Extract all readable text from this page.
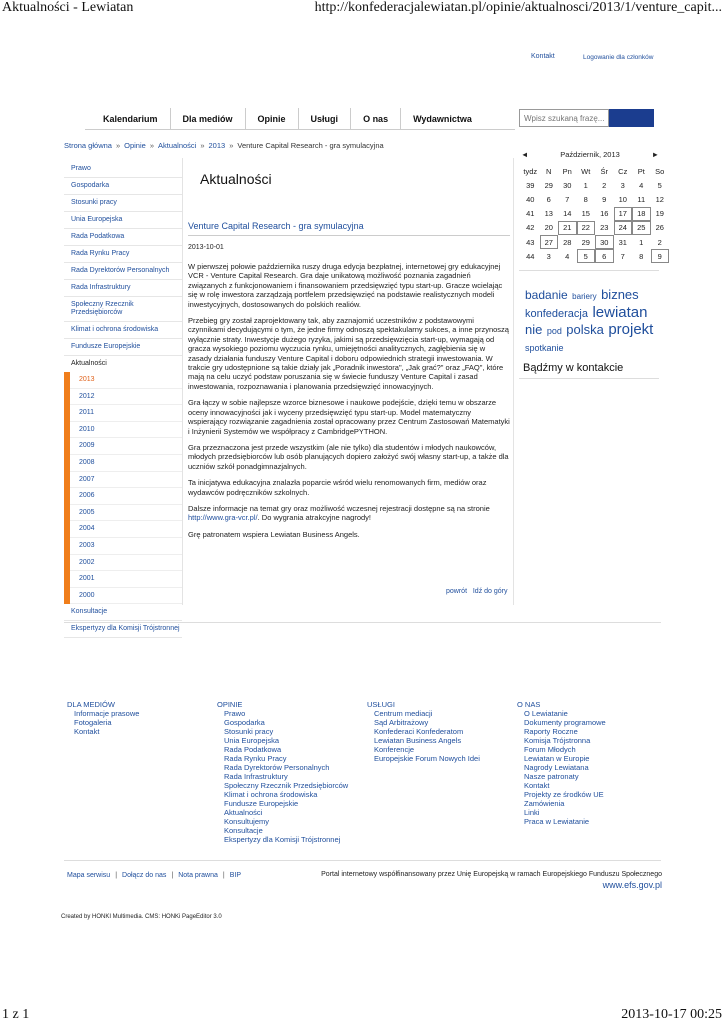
Aktualności - Lewiatan	http://konfederacjalewiatan.pl/opinie/aktualnosci/2013/1/venture_capit...
Kontakt	Logowanie dla członków
Kalendarium	Dla mediów	Opinie	Usługi	O nas	Wydawnictwa
Wpisz szukaną frazę...
Strona główna » Opinie » Aktualności » 2013 » Venture Capital Research - gra symulacyjna
Prawo
Gospodarka
Stosunki pracy
Unia Europejska
Rada Podatkowa
Rada Rynku Pracy
Rada Dyrektorów Personalnych
Rada Infrastruktury
Społeczny Rzecznik Przedsiębiorców
Klimat i ochrona środowiska
Fundusze Europejskie
Aktualności
2013
2012
2011
2010
2009
2008
2007
2006
2005
2004
2003
2002
2001
2000
Konsultacje
Ekspertyzy dla Komisji Trójstronnej
Aktualności
Venture Capital Research - gra symulacyjna
2013-10-01

W pierwszej połowie października ruszy druga edycja bezpłatnej, internetowej gry edukacyjnej VCR - Venture Capital Research. Gra daje unikatową możliwość poznania zagadnień związanych z funkcjonowaniem i finansowaniem przedsięwzięć typu start-up. Gracze wcielając się w rolę inwestora zarządzają portfelem przedsięwzięć na podstawie realistycznych modeli inwestycyjnych, dostosowanych do polskich realiów.

Przebieg gry został zaprojektowany tak, aby zaznajomić uczestników z podstawowymi czynnikami decydującymi o tym, że jedne firmy odnoszą spektakularny sukces, a inne przynoszą wyłącznie straty. Inwestycje dużego ryzyka, jakimi są przedsięwzięcia start-up, wymagają od gracza wysokiego poziomu wyczucia rynku, umiejętności analitycznych, zagłębienia się w zasady działania funduszy Venture Capital i doboru odpowiednich strategii inwestowania. W trakcie gry udostępnione są takie działy jak „Poradnik inwestora", „Jak grać?" oraz „FAQ", które mają na celu uczyć podstaw poruszania się w świecie funduszy Venture Capital i zasad inwestowania, rozpoznawania i planowania przedsięwzięć innowacyjnych.

Gra łączy w sobie najlepsze wzorce biznesowe i naukowe podejście, dzięki temu w obszarze oceny innowacyjności jak i wyceny przedsięwzięć typu start-up. Model matematyczny wspierający rozwiązanie zagadnienia został opracowany przez Centrum Zastosowań Matematyki i Inżynierii Systemów we współpracy z CambridgePYTHON.

Gra przeznaczona jest przede wszystkim (ale nie tylko) dla studentów i młodych naukowców, młodych przedsiębiorców lub osób planujących dopiero założyć swój własny start-up, a także dla uczniów szkół ponadgimnazjalnych.

Ta inicjatywa edukacyjna znalazła poparcie wśród wielu renomowanych firm, mediów oraz wydawców podręczników szkolnych.

Dalsze informacje na temat gry oraz możliwość wczesnej rejestracji dostępne są na stronie  http://www.gra-vcr.pl/. Do wygrania atrakcyjne nagrody!

Grę patronatem wspiera Lewiatan Business Angels.

powrót Idź do góry
◄	Październik, 2013	►
tydz	N	Pn	Wt	Śr	Cz	Pt	So
39	29	30	1	2	3	4	5
40	6	7	8	9	10	11	12
41	13	14	15	16	17	18	19
42	20	21	22	23	24	25	26
43	27	28	29	30	31	1	2
44	3	4	5	6	7	8	9
badanie bariery biznes konfederacja lewiatan nie pod polska projekt spotkanie
Bądźmy w kontakcie
DLA MEDIÓW
Informacje prasowe
Fotogaleria
Kontakt
OPINIE
Prawo
Gospodarka
Stosunki pracy
Unia Europejska
Rada Podatkowa
Rada Rynku Pracy
Rada Dyrektorów Personalnych
Rada Infrastruktury
Społeczny Rzecznik Przedsiębiorców
Klimat i ochrona środowiska
Fundusze Europejskie
Aktualności
Konsultujemy
Konsultacje
Ekspertyzy dla Komisji Trójstronnej
USŁUGI
Centrum mediacji
Sąd Arbitrażowy
Konfederaci Konfederatom
Lewiatan Business Angels
Konferencje
Europejskie Forum Nowych Idei
O NAS
O Lewiatanie
Dokumenty programowe
Raporty Roczne
Komisja Trójstronna
Forum Młodych
Lewiatan w Europie
Nagrody Lewiatana
Nasze patronaty
Kontakt
Projekty ze środków UE
Zamówienia
Linki
Praca w Lewiatanie
Mapa serwisu | Dołącz do nas | Nota prawna | BIP	Portal internetowy współfinansowany przez Unię Europejską w ramach Europejskiego Funduszu Społecznego
www.efs.gov.pl
Created by HONKI Multimedia. CMS: HONKi PageEditor 3.0
1 z 1	2013-10-17 00:25
